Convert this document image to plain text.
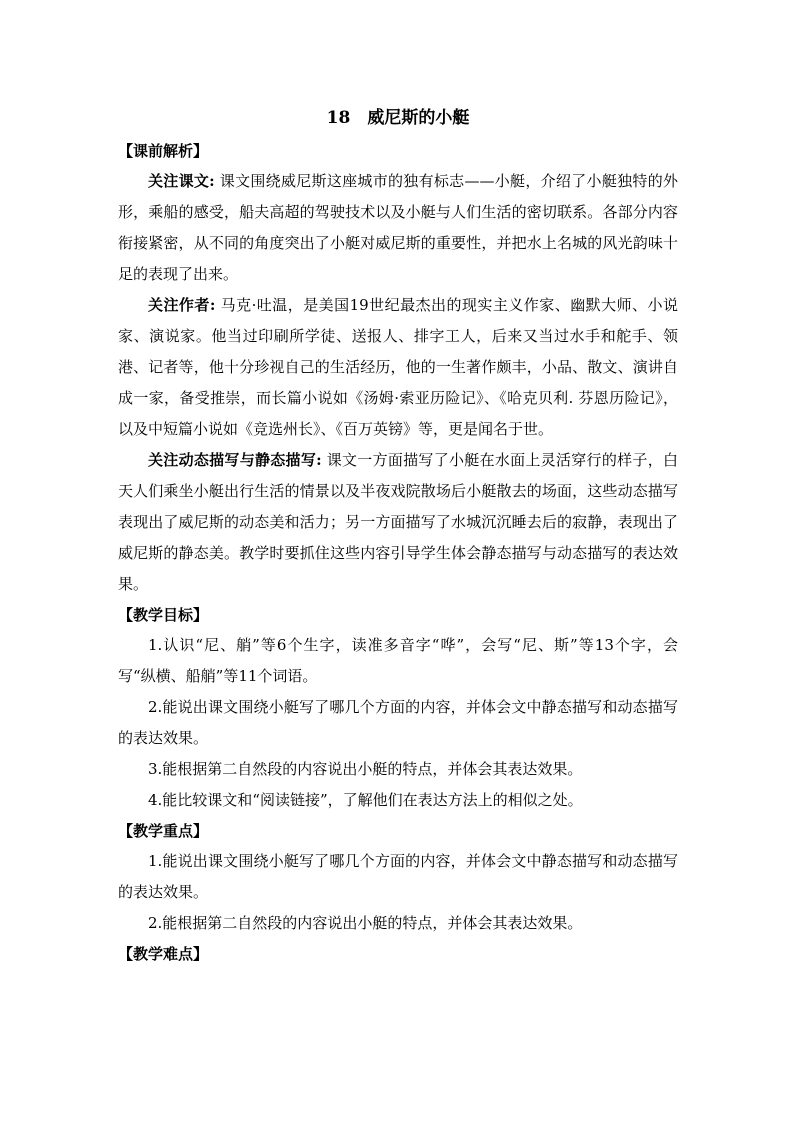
18　威尼斯的小艇
【课前解析】

关注课文: 课文围绕威尼斯这座城市的独有标志——小艇，介绍了小艇独特的外形，乘船的感受，船夫高超的驾驶技术以及小艇与人们生活的密切联系。各部分内容衔接紧密，从不同的角度突出了小艇对威尼斯的重要性，并把水上名城的风光韵味十足的表现了出来。

关注作者: 马克·吐温，是美国19世纪最杰出的现实主义作家、幽默大师、小说家、演说家。他当过印刷所学徒、送报人、排字工人，后来又当过水手和舵手、领港、记者等，他十分珍视自己的生活经历，他的一生著作颇丰，小品、散文、演讲自成一家，备受推崇，而长篇小说如《汤姆·索亚历险记》、《哈克贝利. 芬恩历险记》，以及中短篇小说如《竞选州长》、《百万英镑》等，更是闻名于世。

关注动态描写与静态描写: 课文一方面描写了小艇在水面上灵活穿行的样子，白天人们乘坐小艇出行生活的情景以及半夜戏院散场后小艇散去的场面，这些动态描写表现出了威尼斯的动态美和活力；另一方面描写了水城沉沉睡去后的寂静，表现出了威尼斯的静态美。教学时要抓住这些内容引导学生体会静态描写与动态描写的表达效果。

【教学目标】

1.认识“尼、艄”等6个生字，读准多音字“哗”，会写“尼、斯”等13个字，会写“纵横、船艄”等11个词语。

2.能说出课文围绕小艇写了哪几个方面的内容，并体会文中静态描写和动态描写的表达效果。

3.能根据第二自然段的内容说出小艇的特点，并体会其表达效果。

4.能比较课文和“阅读链接”，了解他们在表达方法上的相似之处。

【教学重点】

1.能说出课文围绕小艇写了哪几个方面的内容，并体会文中静态描写和动态描写的表达效果。

2.能根据第二自然段的内容说出小艇的特点，并体会其表达效果。

【教学难点】
